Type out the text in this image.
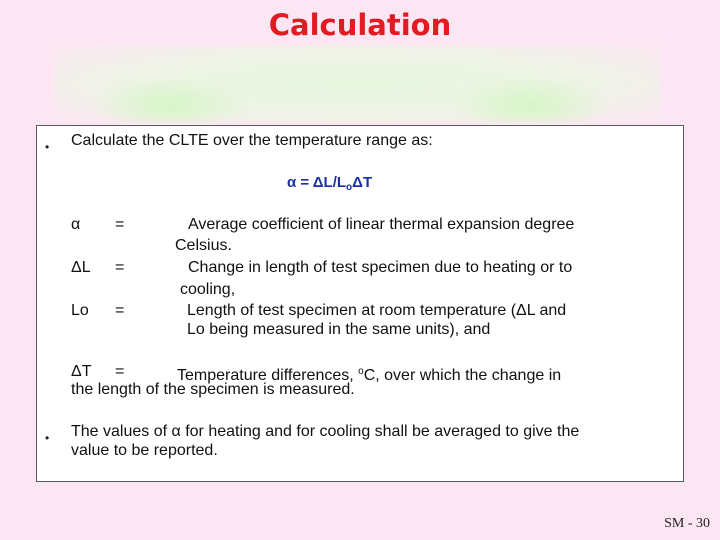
Calculation
• Calculate the CLTE over the temperature range as:
$\alpha = \Delta L/L_o\Delta T$
α =	Average coefficient of linear thermal expansion degree
Celsius.
ΔL =	Change in length of test specimen due to heating or to
cooling,
Lo =	Length of test specimen at room temperature (ΔL and
Lo being measured in the same units), and
ΔT =	Temperature differences, $^o$C, over which the change in
the length of the specimen is measured.
• The values of α for heating and for cooling shall be averaged to give the
value to be reported.
SM - 30
